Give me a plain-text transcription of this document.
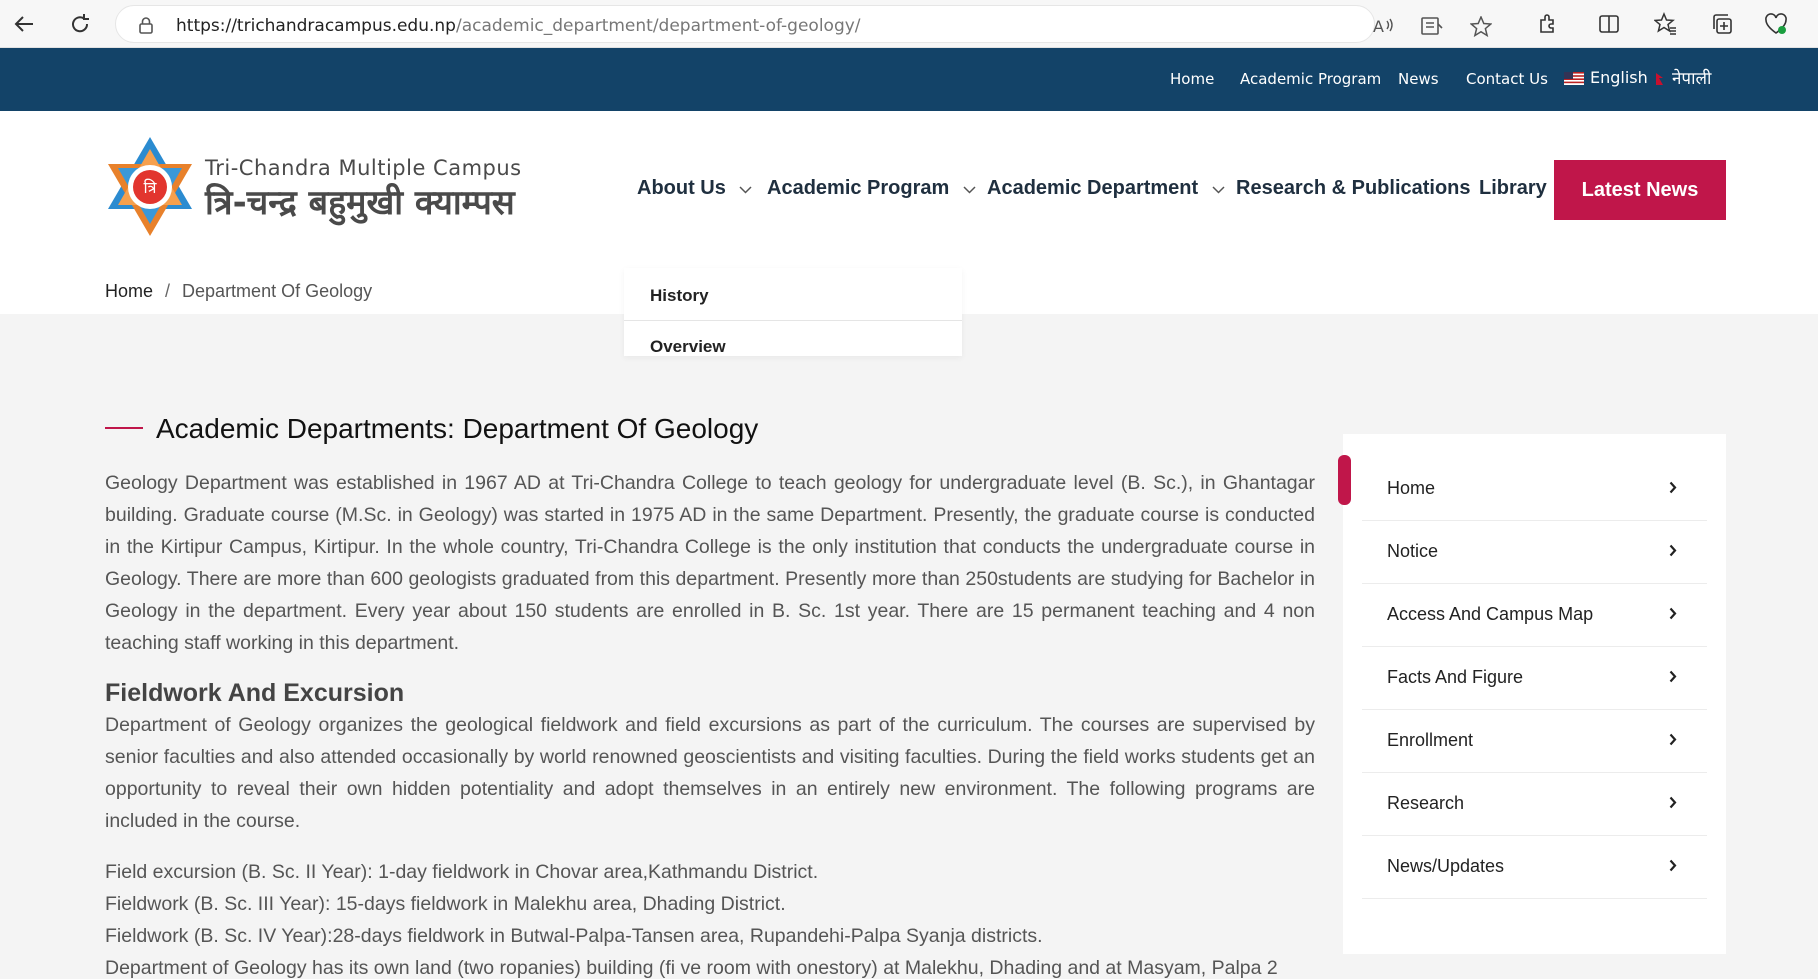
https://trichandracampus.edu.np/academic_department/department-of-geology/	A
Home Academic Program News Contact Us	English नेपाली
त्रि
Tri-Chandra Multiple Campus
त्रि-चन्द्र बहुमुखी क्याम्पस	About Us	Academic Program	Academic Department	Research & Publications Library	Latest News
Home / Department Of Geology	History
Overview
Academic Departments: Department Of Geology

Geology Department was established in 1967 AD at Tri-Chandra College to teach geology for undergraduate level (B. Sc.), in Ghantagar building. Graduate course (M.Sc. in Geology) was started in 1975 AD in the same Department. Presently, the graduate course is conducted in the Kirtipur Campus, Kirtipur. In the whole country, Tri-Chandra College is the only institution that conducts the undergraduate course in Geology. There are more than 600 geologists graduated from this department. Presently more than 250students are studying for Bachelor in Geology in the department. Every year about 150 students are enrolled in B. Sc. 1st year. There are 15 permanent teaching and 4 non teaching staff working in this department.

Fieldwork And Excursion

Department of Geology organizes the geological fieldwork and field excursions as part of the curriculum. The courses are supervised by senior faculties and also attended occasionally by world renowned geoscientists and visiting faculties. During the field works students get an opportunity to reveal their own hidden potentiality and adopt themselves in an entirely new environment. The following programs are included in the course.

Field excursion (B. Sc. II Year): 1-day fieldwork in Chovar area,Kathmandu District.
Fieldwork (B. Sc. III Year): 15-days fieldwork in Malekhu area, Dhading District.
Fieldwork (B. Sc. IV Year):28-days fieldwork in Butwal-Palpa-Tansen area, Rupandehi-Palpa Syanja districts.
Department of Geology has its own land (two ropanies) building (fi ve room with onestory) at Malekhu, Dhading and at Masyam, Palpa 2
Home
Notice
Access And Campus Map
Facts And Figure
Enrollment
Research
News/Updates
